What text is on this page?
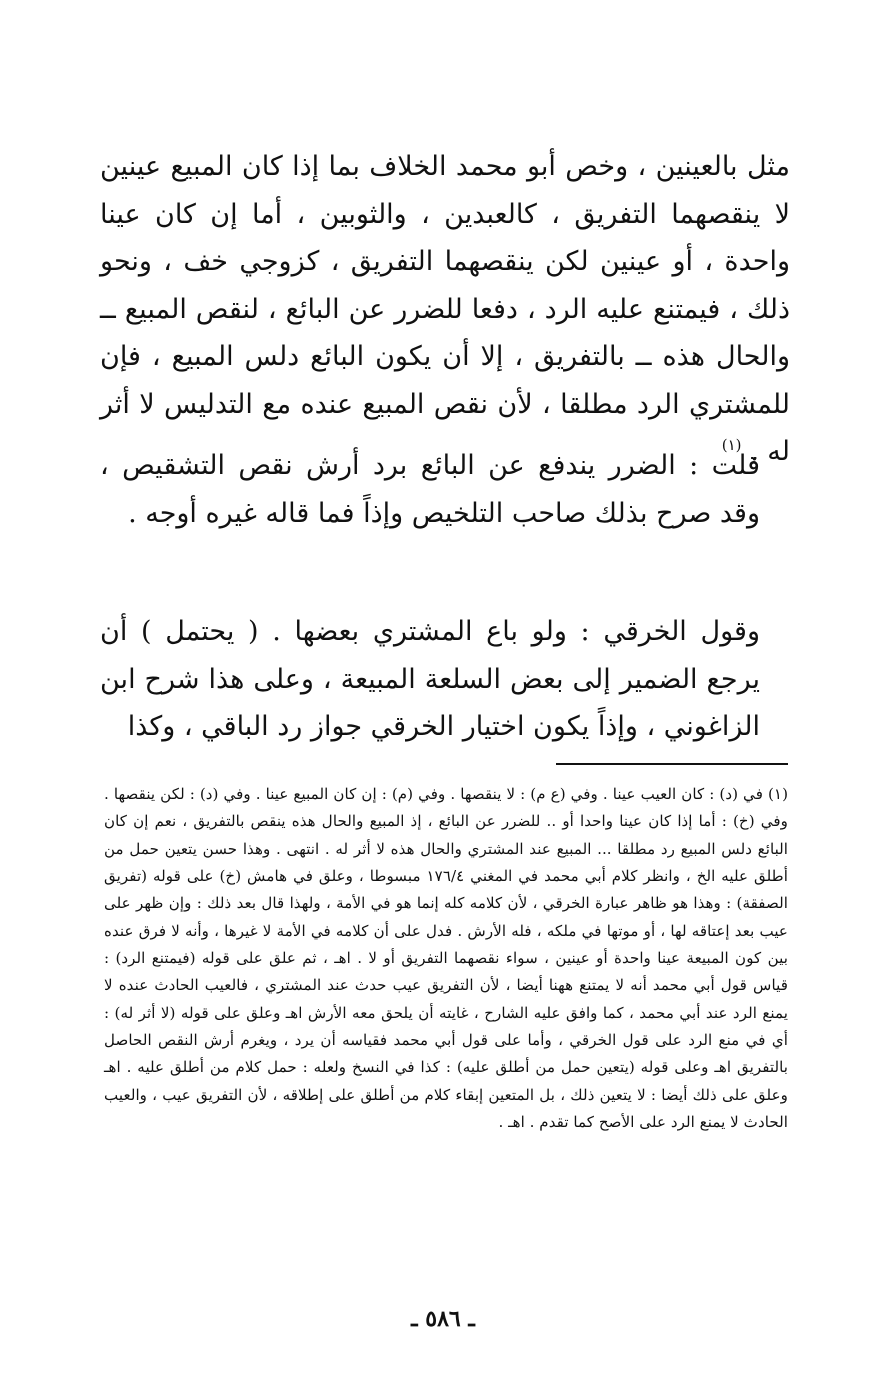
مثل بالعينين ، وخص أبو محمد الخلاف بما إذا كان المبيع عينين لا ينقصهما التفريق ، كالعبدين ، والثوبين ، أما إن كان عينا واحدة ، أو عينين لكن ينقصهما التفريق ، كزوجي خف ، ونحو ذلك ، فيمتنع عليه الرد ، دفعا للضرر عن البائع ، لنقص المبيع ــ والحال هذه ــ بالتفريق ، إلا أن يكون البائع دلس المبيع ، فإن للمشتري الرد مطلقا ، لأن نقص المبيع عنده مع التدليس لا أثر له . $^{(١)}$

قلت : الضرر يندفع عن البائع برد أرش نقص التشقيص ، وقد صرح بذلك صاحب التلخيص وإذاً فما قاله غيره أوجه .

وقول الخرقي : ولو باع المشتري بعضها . ( يحتمل ) أن يرجع الضمير إلى بعض السلعة المبيعة ، وعلى هذا شرح ابن الزاغوني ، وإذاً يكون اختيار الخرقي جواز رد الباقي ، وكذا

(١) في (د) : كان العيب عينا . وفي (ع م) : لا ينقصها . وفي (م) : إن كان المبيع عينا . وفي (د) : لكن ينقصها . وفي (خ) : أما إذا كان عينا واحدا أو .. للضرر عن البائع ، إذ المبيع والحال هذه ينقص بالتفريق ، نعم إن كان البائع دلس المبيع رد مطلقا ... المبيع عند المشتري والحال هذه لا أثر له . انتهى . وهذا حسن يتعين حمل من أطلق عليه الخ ، وانظر كلام أبي محمد في المغني ١٧٦/٤ مبسوطا ، وعلق في هامش (خ) على قوله (تفريق الصفقة) : وهذا هو ظاهر عبارة الخرقي ، لأن كلامه كله إنما هو في الأمة ، ولهذا قال بعد ذلك : وإن ظهر على عيب بعد إعتاقه لها ، أو موتها في ملكه ، فله الأرش . فدل على أن كلامه في الأمة لا غيرها ، وأنه لا فرق عنده بين كون المبيعة عينا واحدة أو عينين ، سواء نقصهما التفريق أو لا . اهـ ، ثم علق على قوله (فيمتنع الرد) : قياس قول أبي محمد أنه لا يمتنع ههنا أيضا ، لأن التفريق عيب حدث عند المشتري ، فالعيب الحادث عنده لا يمنع الرد عند أبي محمد ، كما وافق عليه الشارح ، غايته أن يلحق معه الأرش اهـ وعلق على قوله (لا أثر له) : أي في منع الرد على قول الخرقي ، وأما على قول أبي محمد فقياسه أن يرد ، ويغرم أرش النقص الحاصل بالتفريق اهـ وعلى قوله (يتعين حمل من أطلق عليه) : كذا في النسخ ولعله : حمل كلام من أطلق عليه . اهـ وعلق على ذلك أيضا : لا يتعين ذلك ، بل المتعين إبقاء كلام من أطلق على إطلاقه ، لأن التفريق عيب ، والعيب الحادث لا يمنع الرد على الأصح كما تقدم . اهـ .

ـ ٥٨٦ ـ
